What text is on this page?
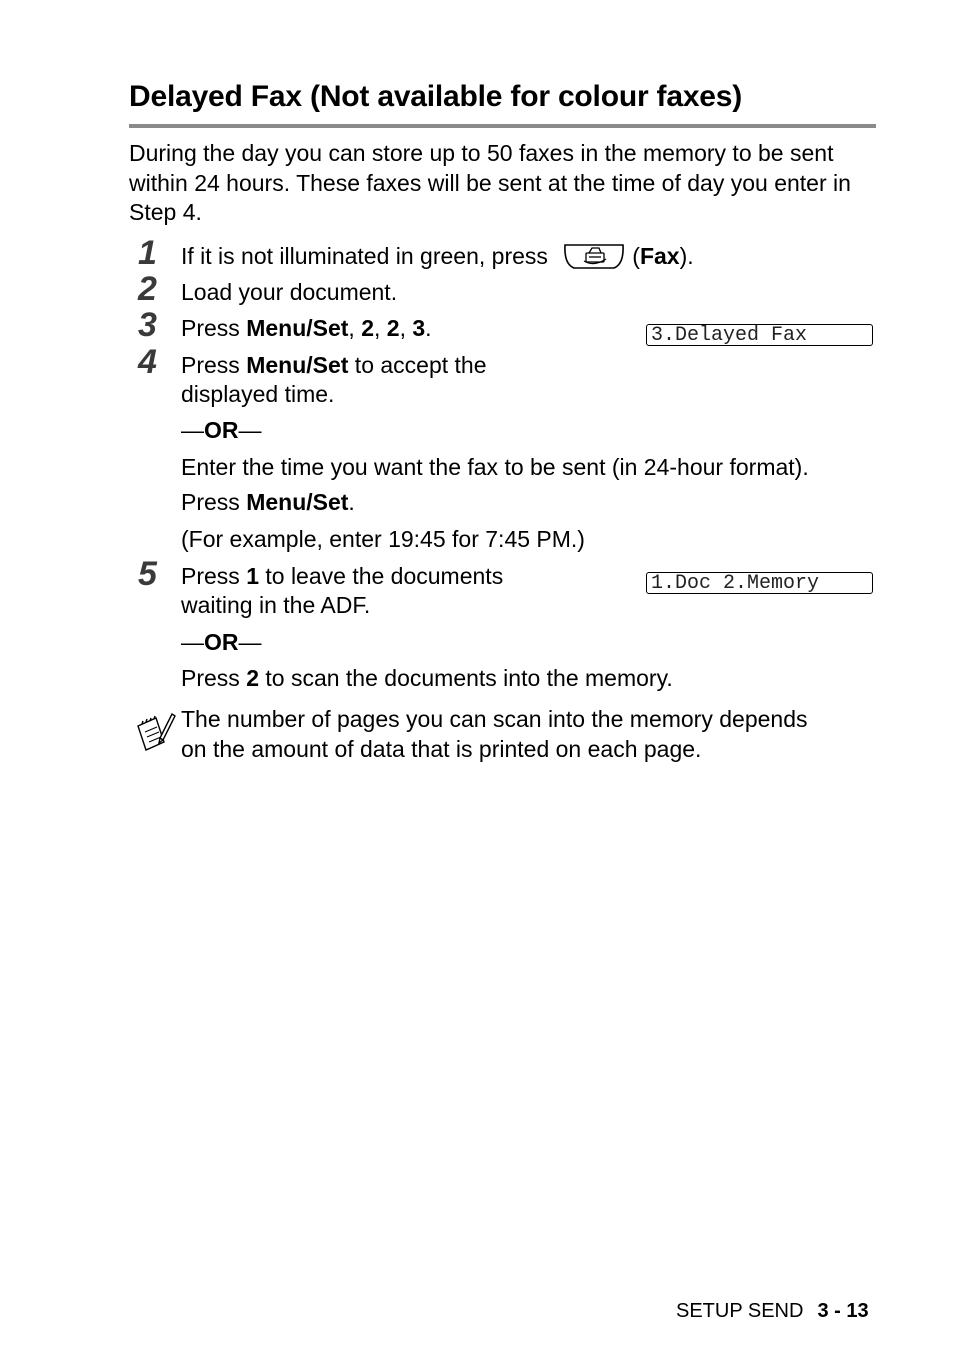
Delayed Fax (Not available for colour faxes)
During the day you can store up to 50 faxes in the memory to be sent within 24 hours. These faxes will be sent at the time of day you enter in Step 4.
1 If it is not illuminated in green, press	(Fax).
2 Load your document.
3 Press Menu/Set, 2, 2, 3.	3.Delayed Fax
4 Press Menu/Set to accept the
displayed time.
—OR—
Enter the time you want the fax to be sent (in 24-hour format).
Press Menu/Set.
(For example, enter 19:45 for 7:45 PM.)
5 Press 1 to leave the documents
waiting in the ADF.
1.Doc 2.Memory
—OR—
Press 2 to scan the documents into the memory.
The number of pages you can scan into the memory depends
on the amount of data that is printed on each page.
SETUP SEND 3 - 13
